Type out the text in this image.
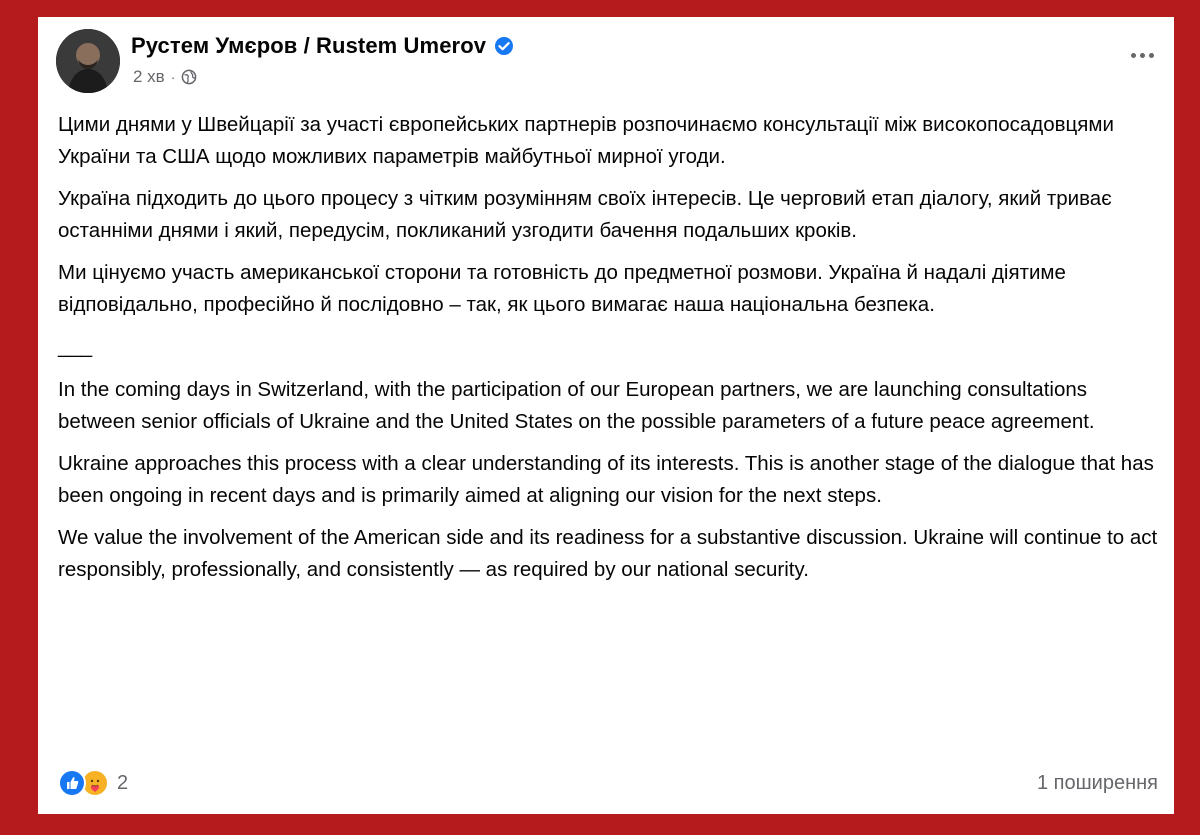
Рустем Умєров / Rustem Umerov
2 хв ·

Цими днями у Швейцарії за участі європейських партнерів розпочинаємо консультації між високопосадовцями України та США щодо можливих параметрів майбутньої мирної угоди.

Україна підходить до цього процесу з чітким розумінням своїх інтересів. Це черговий етап діалогу, який триває останніми днями і який, передусім, покликаний узгодити бачення подальших кроків.

Ми цінуємо участь американської сторони та готовність до предметної розмови. Україна й надалі діятиме відповідально, професійно й послідовно – так, як цього вимагає наша національна безпека.

___

In the coming days in Switzerland, with the participation of our European partners, we are launching consultations between senior officials of Ukraine and the United States on the possible parameters of a future peace agreement.

Ukraine approaches this process with a clear understanding of its interests. This is another stage of the dialogue that has been ongoing in recent days and is primarily aimed at aligning our vision for the next steps.

We value the involvement of the American side and its readiness for a substantive discussion. Ukraine will continue to act responsibly, professionally, and consistently — as required by our national security.

2	1 поширення
